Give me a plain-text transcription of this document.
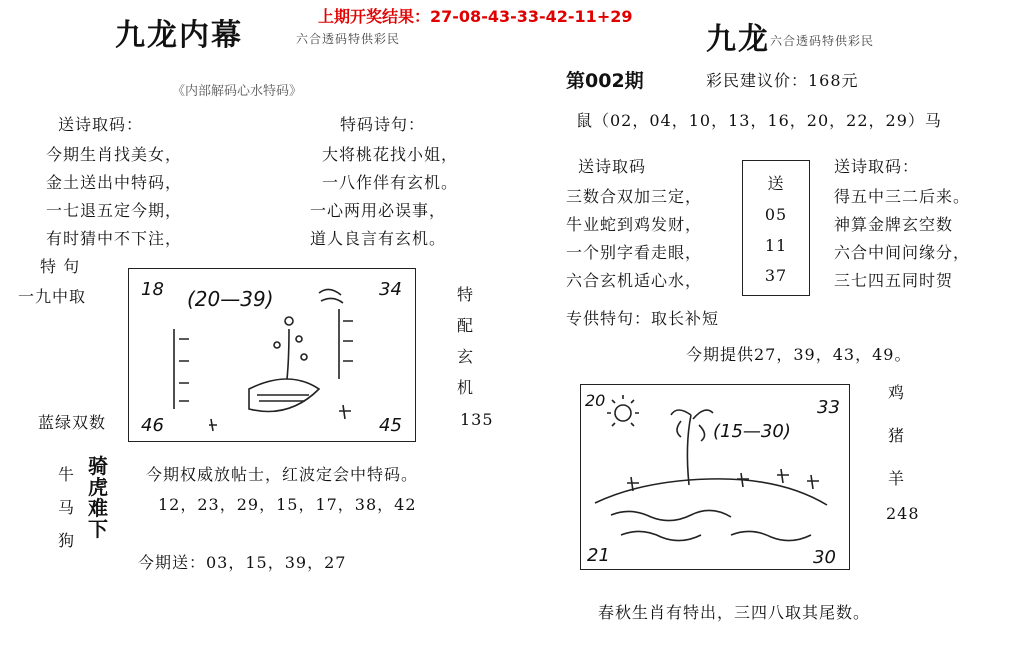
上期开奖结果：27-08-43-33-42-11+29
九龙内幕	六合透码特供彩民
《内部解码心水特码》
送诗取码：	特码诗句：
今期生肖找美女，
金土送出中特码，
一七退五定今期，
有时猜中不下注，
大将桃花找小姐，
一八作伴有玄机。
一心两用必误事，
道人良言有玄机。
特 句
一九中取
蓝绿双数
18	34
46	45
(20—39)	特
配
玄
机
135
牛
马
狗
骑
虎
难
下
今期权威放帖士，红波定会中特码。
12，23，29，15，17，38，42
今期送：03，15，39，27
九龙 六合透码特供彩民
第002期	彩民建议价：168元
鼠（02，04，10，13，16，20，22，29）马
送诗取码	送诗取码：
三数合双加三定，
牛业蛇到鸡发财，
一个别字看走眼，
六合玄机适心水，
送
05
11
37
得五中三二后来。
神算金牌玄空数
六合中间问缘分，
三七四五同时贺
专供特句：取长补短
今期提供27，39，43，49。
20	33
21	30
(15—30)
鸡
猪
羊
248
春秋生肖有特出，三四八取其尾数。
